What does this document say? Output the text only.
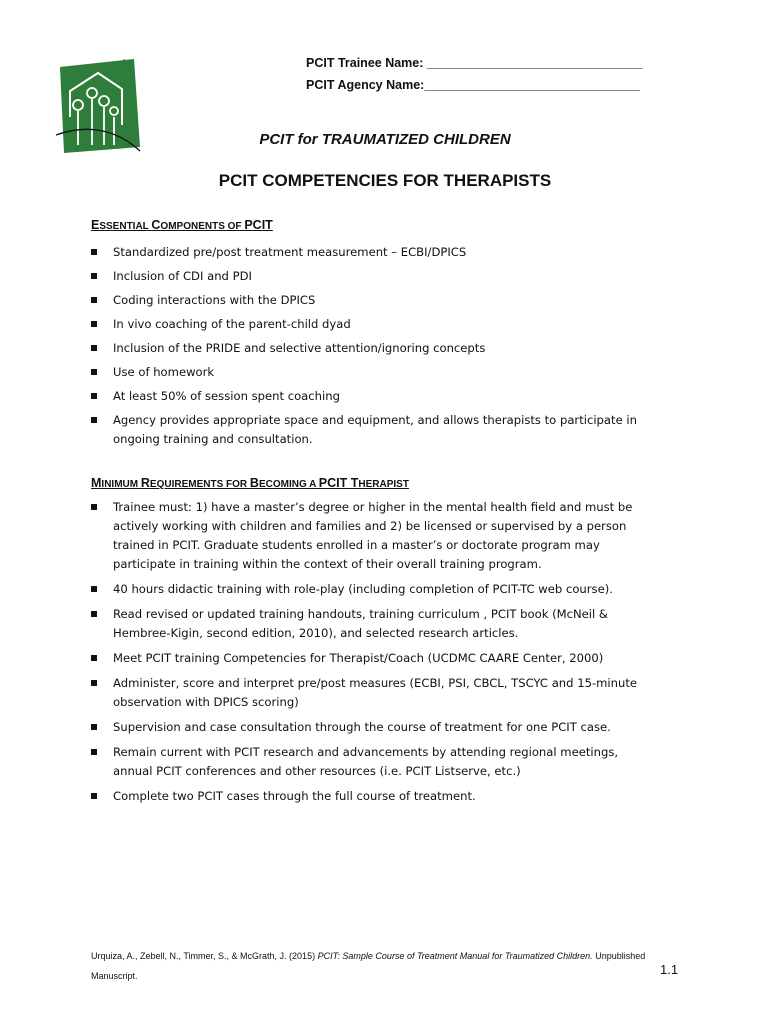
PCIT Trainee Name: _______________________________
PCIT Agency Name:_______________________________
PCIT for TRAUMATIZED CHILDREN
PCIT COMPETENCIES FOR THERAPISTS
ESSENTIAL COMPONENTS OF PCIT
Standardized pre/post treatment measurement – ECBI/DPICS
Inclusion of CDI and PDI
Coding interactions with the DPICS
In vivo coaching of the parent-child dyad
Inclusion of the PRIDE and selective attention/ignoring concepts
Use of homework
At least 50% of session spent coaching
Agency provides appropriate space and equipment, and allows therapists to participate in ongoing training and consultation.
MINIMUM REQUIREMENTS FOR BECOMING A PCIT THERAPIST
Trainee must: 1) have a master’s degree or higher in the mental health field and must be actively working with children and families and 2) be licensed or supervised by a person trained in PCIT. Graduate students enrolled in a master’s or doctorate program may participate in training within the context of their overall training program.
40 hours didactic training with role-play (including completion of PCIT-TC web course).
Read revised or updated training handouts, training curriculum , PCIT book (McNeil & Hembree-Kigin, second edition, 2010), and selected research articles.
Meet PCIT training Competencies for Therapist/Coach (UCDMC CAARE Center, 2000)
Administer, score and interpret pre/post measures (ECBI, PSI, CBCL, TSCYC and 15-minute observation with DPICS scoring)
Supervision and case consultation through the course of treatment for one PCIT case.
Remain current with PCIT research and advancements by attending regional meetings, annual PCIT conferences and other resources (i.e. PCIT Listserve, etc.)
Complete two PCIT cases through the full course of treatment.
Urquiza, A., Zebell, N., Timmer, S., & McGrath, J. (2015) PCIT: Sample Course of Treatment Manual for Traumatized Children. Unpublished
Manuscript.	1.1
